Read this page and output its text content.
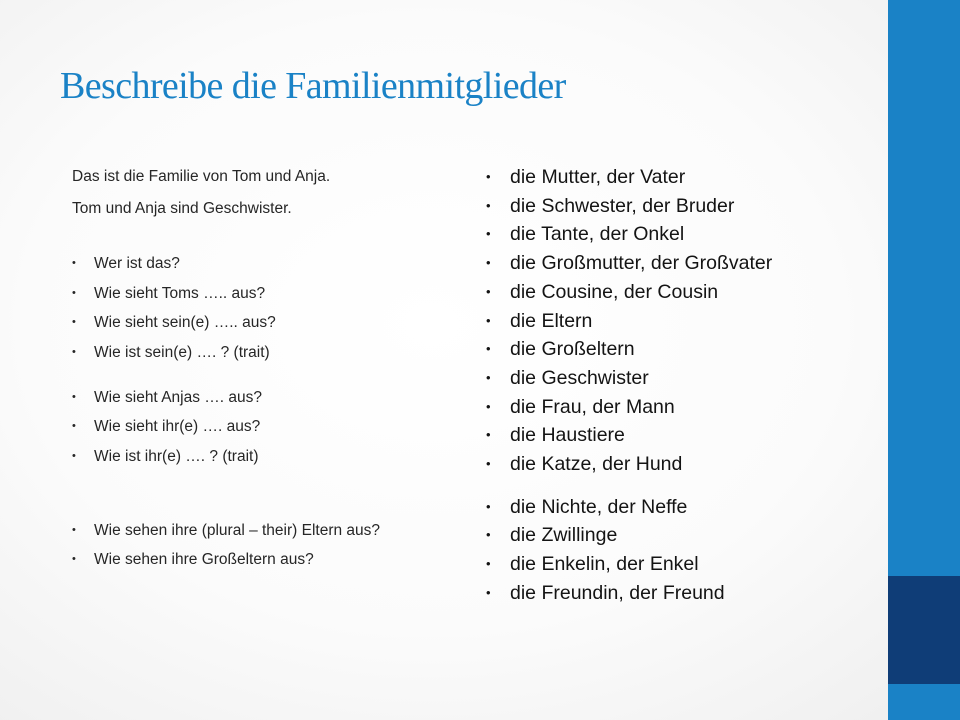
Beschreibe die Familienmitglieder

Das ist die Familie von Tom und Anja.

Tom und Anja sind Geschwister.

• Wer ist das?
• Wie sieht Toms ….. aus?
• Wie sieht sein(e) ….. aus?
• Wie ist sein(e) …. ? (trait)
• Wie sieht Anjas …. aus?
• Wie sieht ihr(e) …. aus?
• Wie ist ihr(e) …. ? (trait)
• Wie sehen ihre (plural – their) Eltern aus?
• Wie sehen ihre Großeltern aus?
• die Mutter, der Vater
• die Schwester, der Bruder
• die Tante, der Onkel
• die Großmutter, der Großvater
• die Cousine, der Cousin
• die Eltern
• die Großeltern
• die Geschwister
• die Frau, der Mann
• die Haustiere
• die Katze, der Hund
• die Nichte, der Neffe
• die Zwillinge
• die Enkelin, der Enkel
• die Freundin, der Freund
